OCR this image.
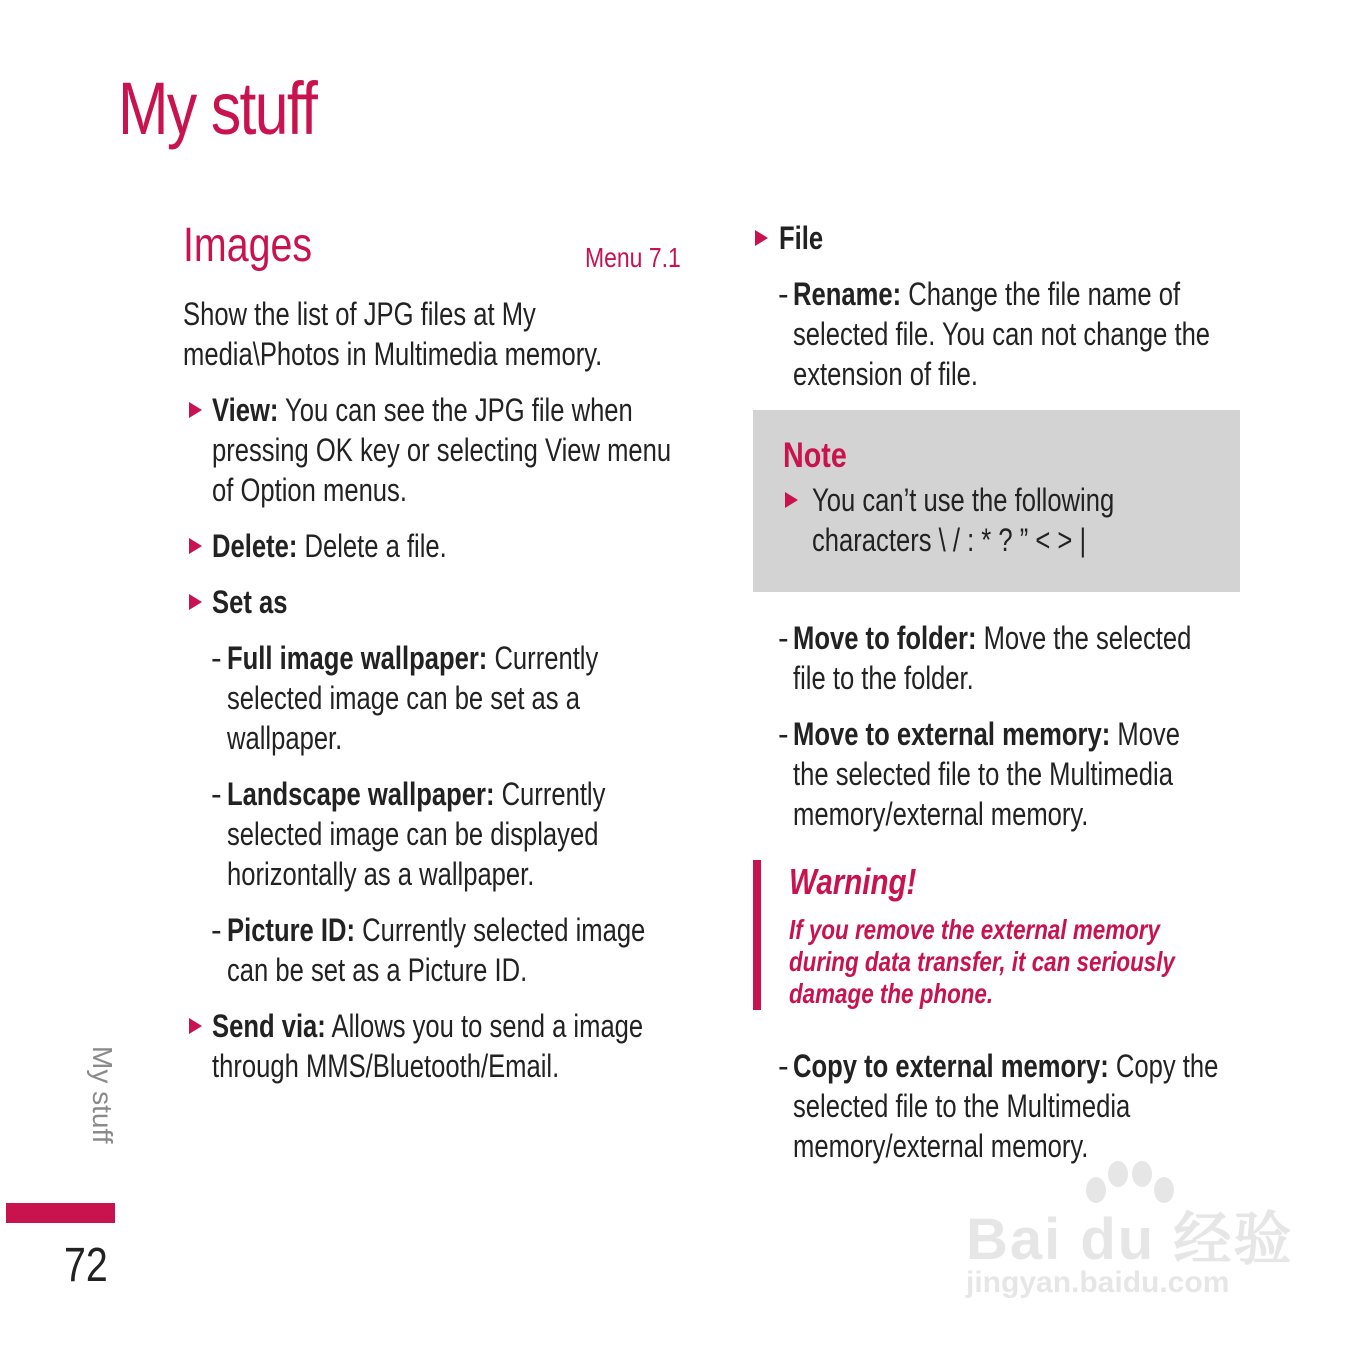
My stuff
Images	Menu 7.1
Show the list of JPG files at My
media\Photos in Multimedia memory.
View: You can see the JPG file when
pressing OK key or selecting View menu
of Option menus.
Delete: Delete a file.
Set as
- Full image wallpaper: Currently
selected image can be set as a
wallpaper.
- Landscape wallpaper: Currently
selected image can be displayed
horizontally as a wallpaper.
- Picture ID: Currently selected image
can be set as a Picture ID.
Send via: Allows you to send a image
through MMS/Bluetooth/Email.
File
- Rename: Change the file name of
selected file. You can not change the
extension of file.
Note
You can’t use the following
characters \ / : * ? ” < > |
- Move to folder: Move the selected
file to the folder.
- Move to external memory: Move
the selected file to the Multimedia
memory/external memory.
Warning!
If you remove the external memory
during data transfer, it can seriously
damage the phone.
- Copy to external memory: Copy the
selected file to the Multimedia
memory/external memory.
My stuff
72	Bai du 经验
jingyan.baidu.com
